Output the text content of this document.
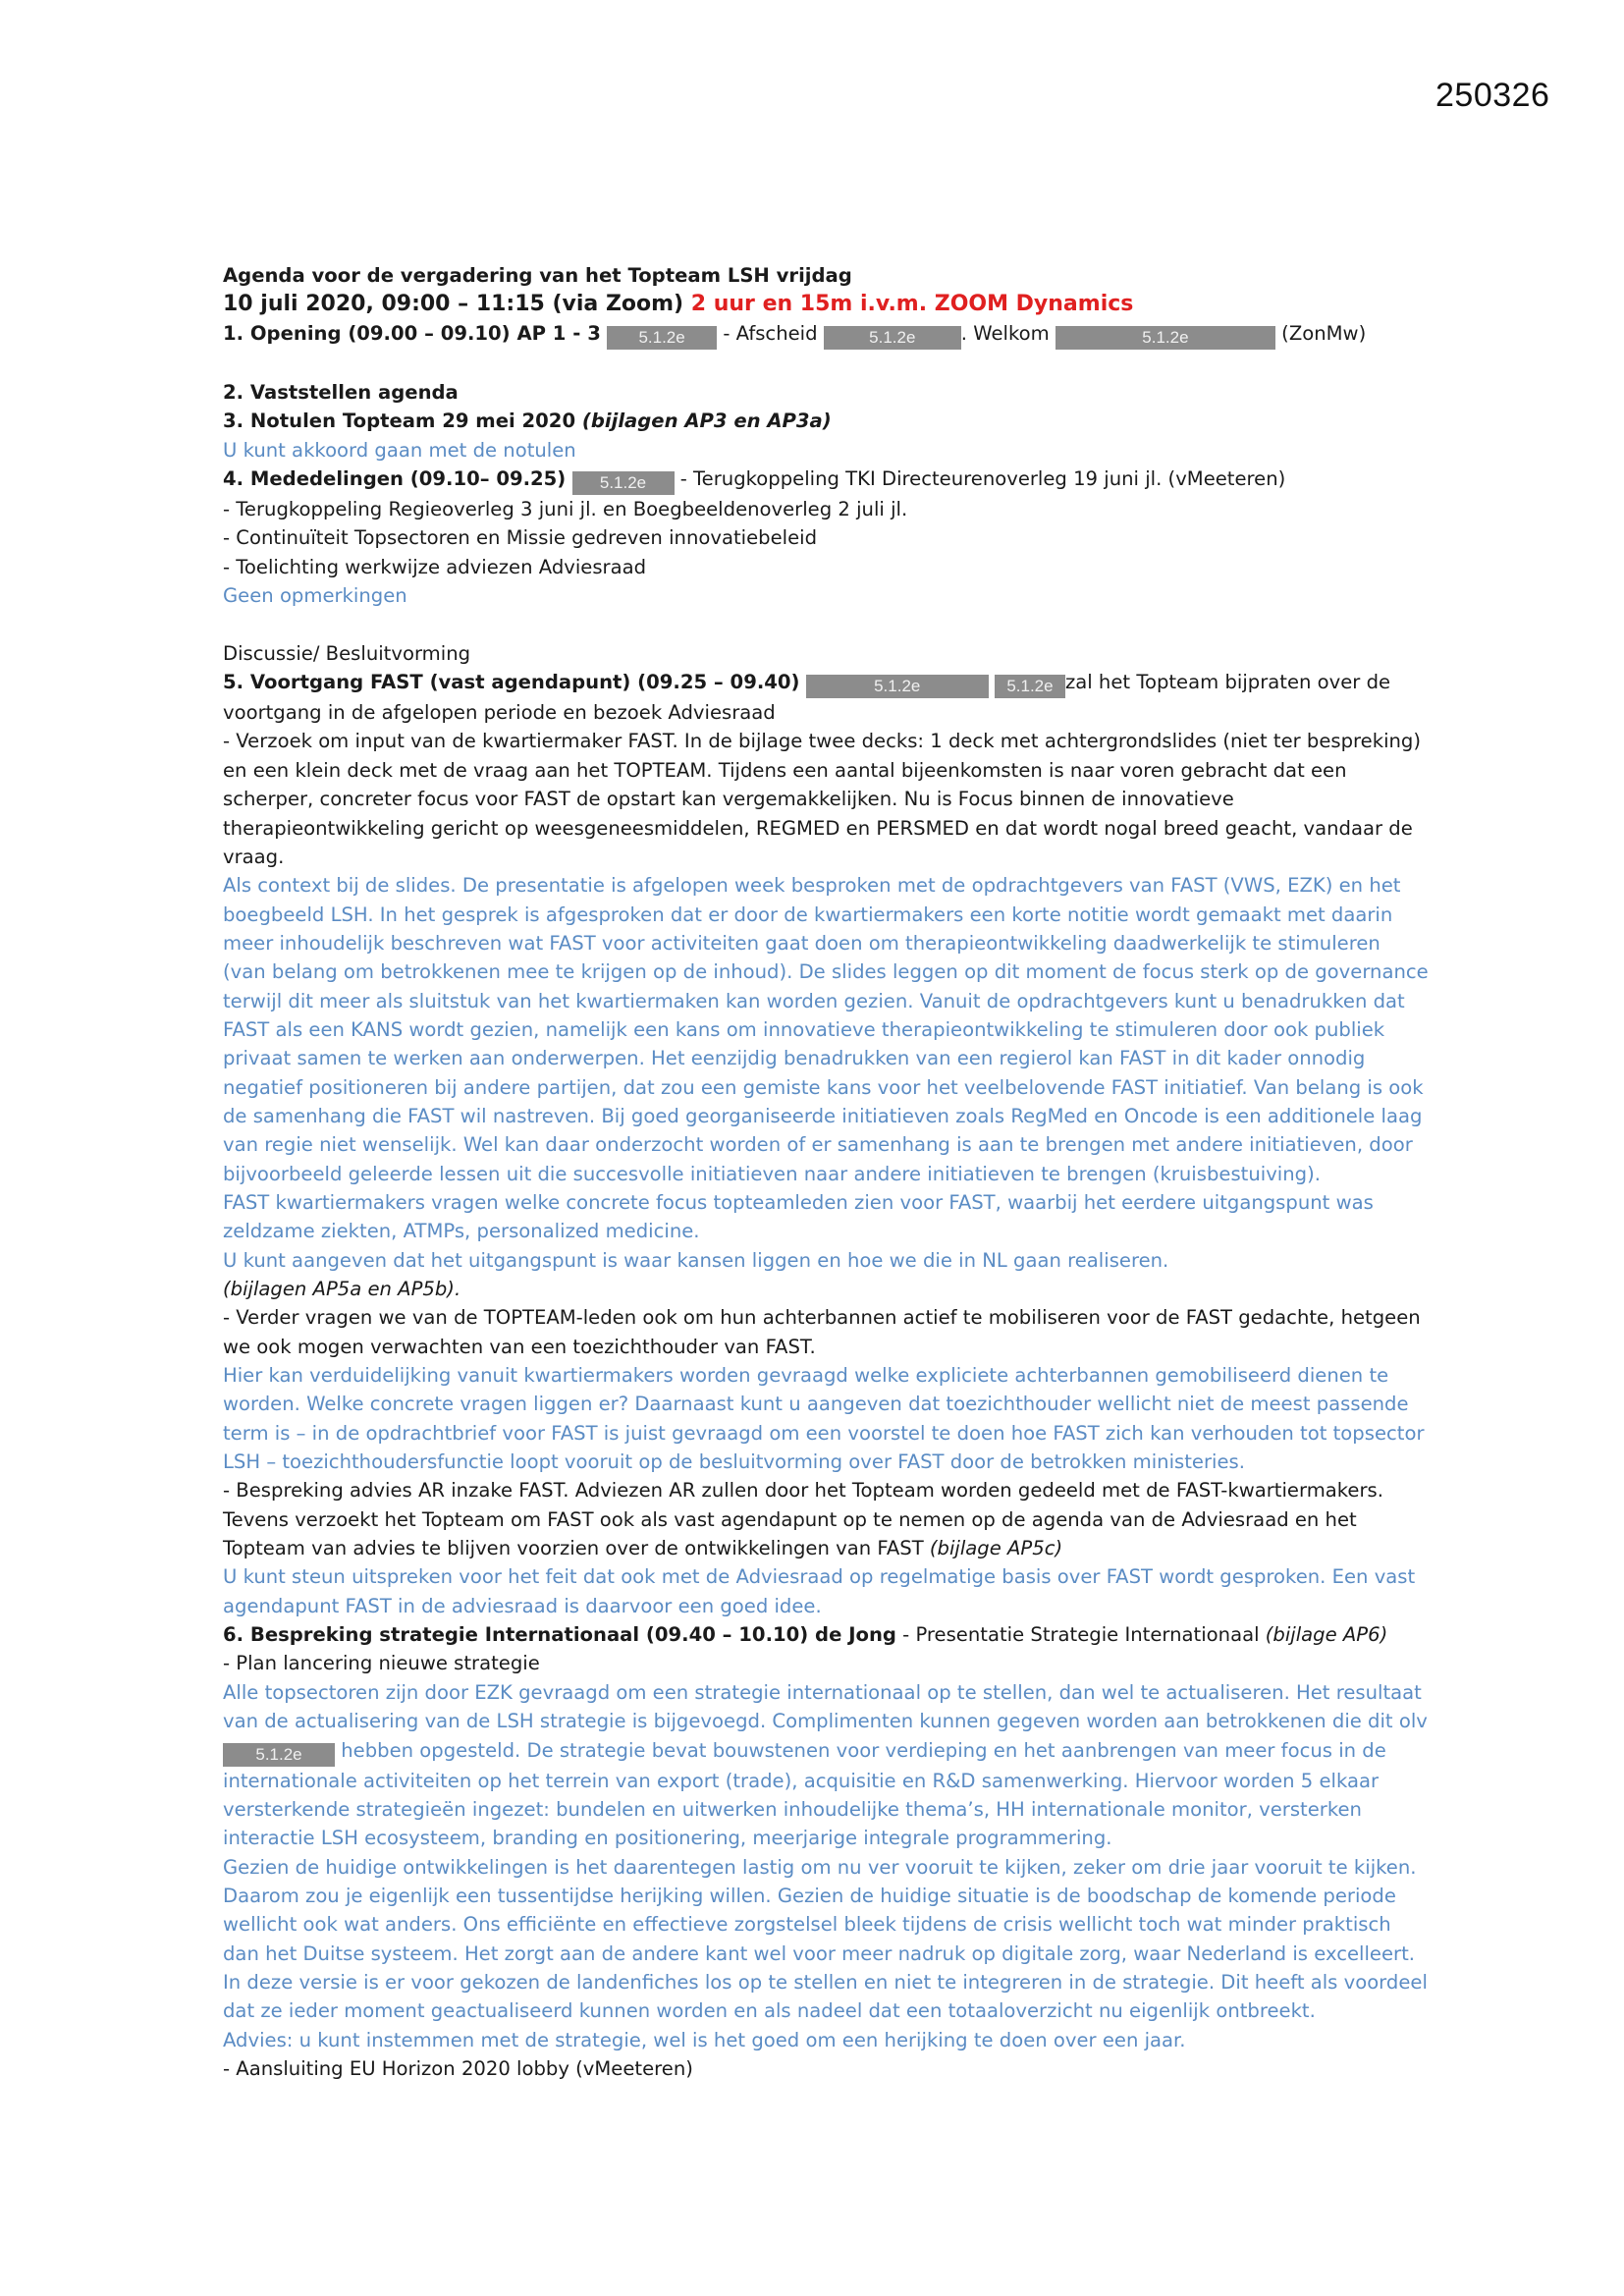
250326

Agenda voor de vergadering van het Topteam LSH vrijdag

10 juli 2020, 09:00 – 11:15 (via Zoom) 2 uur en 15m i.v.m. ZOOM Dynamics

1. Opening (09.00 – 09.10) AP 1 - 3 5.1.2e - Afscheid	5.1.2e . Welkom	5.1.2e	(ZonMw)

2. Vaststellen agenda

3. Notulen Topteam 29 mei 2020 (bijlagen AP3 en AP3a)

U kunt akkoord gaan met de notulen

4. Mededelingen (09.10– 09.25) 5.1.2e - Terugkoppeling TKI Directeurenoverleg 19 juni jl. (vMeeteren)

- Terugkoppeling Regieoverleg 3 juni jl. en Boegbeeldenoverleg 2 juli jl.

- Continuïteit Topsectoren en Missie gedreven innovatiebeleid

- Toelichting werkwijze adviezen Adviesraad

Geen opmerkingen

Discussie/ Besluitvorming

5. Voortgang FAST (vast agendapunt) (09.25 – 09.40)	5.1.2e	5.1.2e zal het Topteam bijpraten over de

voortgang in de afgelopen periode en bezoek Adviesraad

- Verzoek om input van de kwartiermaker FAST. In de bijlage twee decks: 1 deck met achtergrondslides (niet ter bespreking)

en een klein deck met de vraag aan het TOPTEAM. Tijdens een aantal bijeenkomsten is naar voren gebracht dat een

scherper, concreter focus voor FAST de opstart kan vergemakkelijken. Nu is Focus binnen de innovatieve

therapieontwikkeling gericht op weesgeneesmiddelen, REGMED en PERSMED en dat wordt nogal breed geacht, vandaar de

vraag.

Als context bij de slides. De presentatie is afgelopen week besproken met de opdrachtgevers van FAST (VWS, EZK) en het

boegbeeld LSH. In het gesprek is afgesproken dat er door de kwartiermakers een korte notitie wordt gemaakt met daarin

meer inhoudelijk beschreven wat FAST voor activiteiten gaat doen om therapieontwikkeling daadwerkelijk te stimuleren

(van belang om betrokkenen mee te krijgen op de inhoud). De slides leggen op dit moment de focus sterk op de governance

terwijl dit meer als sluitstuk van het kwartiermaken kan worden gezien. Vanuit de opdrachtgevers kunt u benadrukken dat

FAST als een KANS wordt gezien, namelijk een kans om innovatieve therapieontwikkeling te stimuleren door ook publiek

privaat samen te werken aan onderwerpen. Het eenzijdig benadrukken van een regierol kan FAST in dit kader onnodig

negatief positioneren bij andere partijen, dat zou een gemiste kans voor het veelbelovende FAST initiatief. Van belang is ook

de samenhang die FAST wil nastreven. Bij goed georganiseerde initiatieven zoals RegMed en Oncode is een additionele laag

van regie niet wenselijk. Wel kan daar onderzocht worden of er samenhang is aan te brengen met andere initiatieven, door

bijvoorbeeld geleerde lessen uit die succesvolle initiatieven naar andere initiatieven te brengen (kruisbestuiving).

FAST kwartiermakers vragen welke concrete focus topteamleden zien voor FAST, waarbij het eerdere uitgangspunt was

zeldzame ziekten, ATMPs, personalized medicine.

U kunt aangeven dat het uitgangspunt is waar kansen liggen en hoe we die in NL gaan realiseren.

(bijlagen AP5a en AP5b).

- Verder vragen we van de TOPTEAM-leden ook om hun achterbannen actief te mobiliseren voor de FAST gedachte, hetgeen

we ook mogen verwachten van een toezichthouder van FAST.

Hier kan verduidelijking vanuit kwartiermakers worden gevraagd welke expliciete achterbannen gemobiliseerd dienen te

worden. Welke concrete vragen liggen er? Daarnaast kunt u aangeven dat toezichthouder wellicht niet de meest passende

term is – in de opdrachtbrief voor FAST is juist gevraagd om een voorstel te doen hoe FAST zich kan verhouden tot topsector

LSH – toezichthoudersfunctie loopt vooruit op de besluitvorming over FAST door de betrokken ministeries.

- Bespreking advies AR inzake FAST. Adviezen AR zullen door het Topteam worden gedeeld met de FAST-kwartiermakers.

Tevens verzoekt het Topteam om FAST ook als vast agendapunt op te nemen op de agenda van de Adviesraad en het

Topteam van advies te blijven voorzien over de ontwikkelingen van FAST (bijlage AP5c)

U kunt steun uitspreken voor het feit dat ook met de Adviesraad op regelmatige basis over FAST wordt gesproken. Een vast

agendapunt FAST in de adviesraad is daarvoor een goed idee.

6. Bespreking strategie Internationaal (09.40 – 10.10) de Jong - Presentatie Strategie Internationaal (bijlage AP6)

- Plan lancering nieuwe strategie

Alle topsectoren zijn door EZK gevraagd om een strategie internationaal op te stellen, dan wel te actualiseren. Het resultaat

van de actualisering van de LSH strategie is bijgevoegd. Complimenten kunnen gegeven worden aan betrokkenen die dit olv

5.1.2e hebben opgesteld. De strategie bevat bouwstenen voor verdieping en het aanbrengen van meer focus in de

internationale activiteiten op het terrein van export (trade), acquisitie en R&D samenwerking. Hiervoor worden 5 elkaar

versterkende strategieën ingezet: bundelen en uitwerken inhoudelijke thema’s, HH internationale monitor, versterken

interactie LSH ecosysteem, branding en positionering, meerjarige integrale programmering.

Gezien de huidige ontwikkelingen is het daarentegen lastig om nu ver vooruit te kijken, zeker om drie jaar vooruit te kijken.

Daarom zou je eigenlijk een tussentijdse herijking willen. Gezien de huidige situatie is de boodschap de komende periode

wellicht ook wat anders. Ons efficiënte en effectieve zorgstelsel bleek tijdens de crisis wellicht toch wat minder praktisch

dan het Duitse systeem. Het zorgt aan de andere kant wel voor meer nadruk op digitale zorg, waar Nederland is excelleert.

In deze versie is er voor gekozen de landenfiches los op te stellen en niet te integreren in de strategie. Dit heeft als voordeel

dat ze ieder moment geactualiseerd kunnen worden en als nadeel dat een totaaloverzicht nu eigenlijk ontbreekt.

Advies: u kunt instemmen met de strategie, wel is het goed om een herijking te doen over een jaar.

- Aansluiting EU Horizon 2020 lobby (vMeeteren)
